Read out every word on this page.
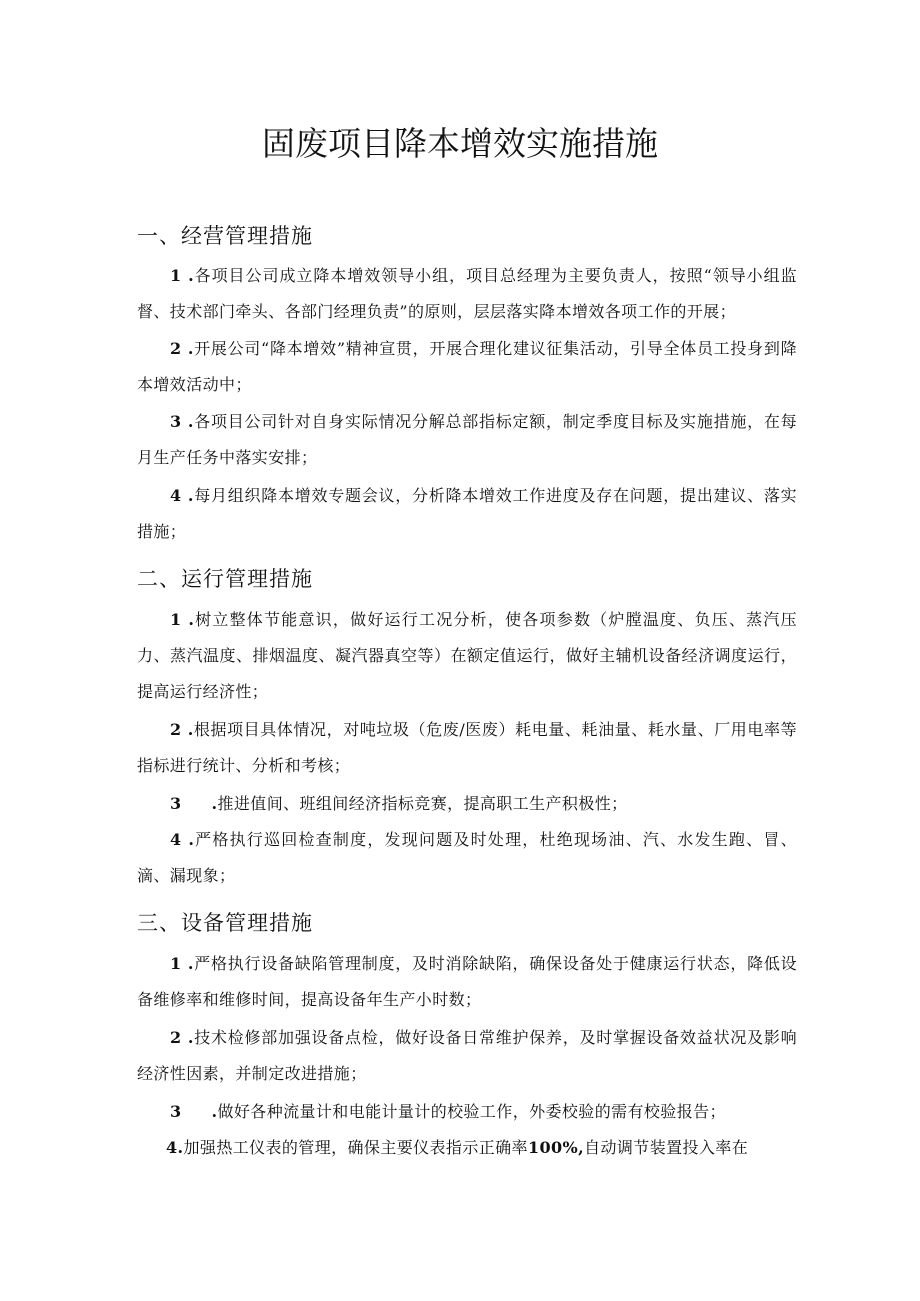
固废项目降本增效实施措施
一、经营管理措施
1 .各项目公司成立降本增效领导小组，项目总经理为主要负责人，按照“领导小组监督、技术部门牵头、各部门经理负责”的原则，层层落实降本增效各项工作的开展；
2 .开展公司“降本增效”精神宣贯，开展合理化建议征集活动，引导全体员工投身到降本增效活动中；
3 .各项目公司针对自身实际情况分解总部指标定额，制定季度目标及实施措施，在每月生产任务中落实安排；
4 .每月组织降本增效专题会议，分析降本增效工作进度及存在问题，提出建议、落实措施；
二、运行管理措施
1 .树立整体节能意识，做好运行工况分析，使各项参数（炉膛温度、负压、蒸汽压力、蒸汽温度、排烟温度、凝汽器真空等）在额定值运行，做好主辅机设备经济调度运行，提高运行经济性；
2 .根据项目具体情况，对吨垃圾（危废/医废）耗电量、耗油量、耗水量、厂用电率等指标进行统计、分析和考核；
3 .推进值间、班组间经济指标竞赛，提高职工生产积极性；
4 .严格执行巡回检查制度，发现问题及时处理，杜绝现场油、汽、水发生跑、冒、滴、漏现象；
三、设备管理措施
1 .严格执行设备缺陷管理制度，及时消除缺陷，确保设备处于健康运行状态，降低设备维修率和维修时间，提高设备年生产小时数；
2 .技术检修部加强设备点检，做好设备日常维护保养，及时掌握设备效益状况及影响经济性因素，并制定改进措施；
3 .做好各种流量计和电能计量计的校验工作，外委校验的需有校验报告；
4.加强热工仪表的管理，确保主要仪表指示正确率100%,自动调节装置投入率在
